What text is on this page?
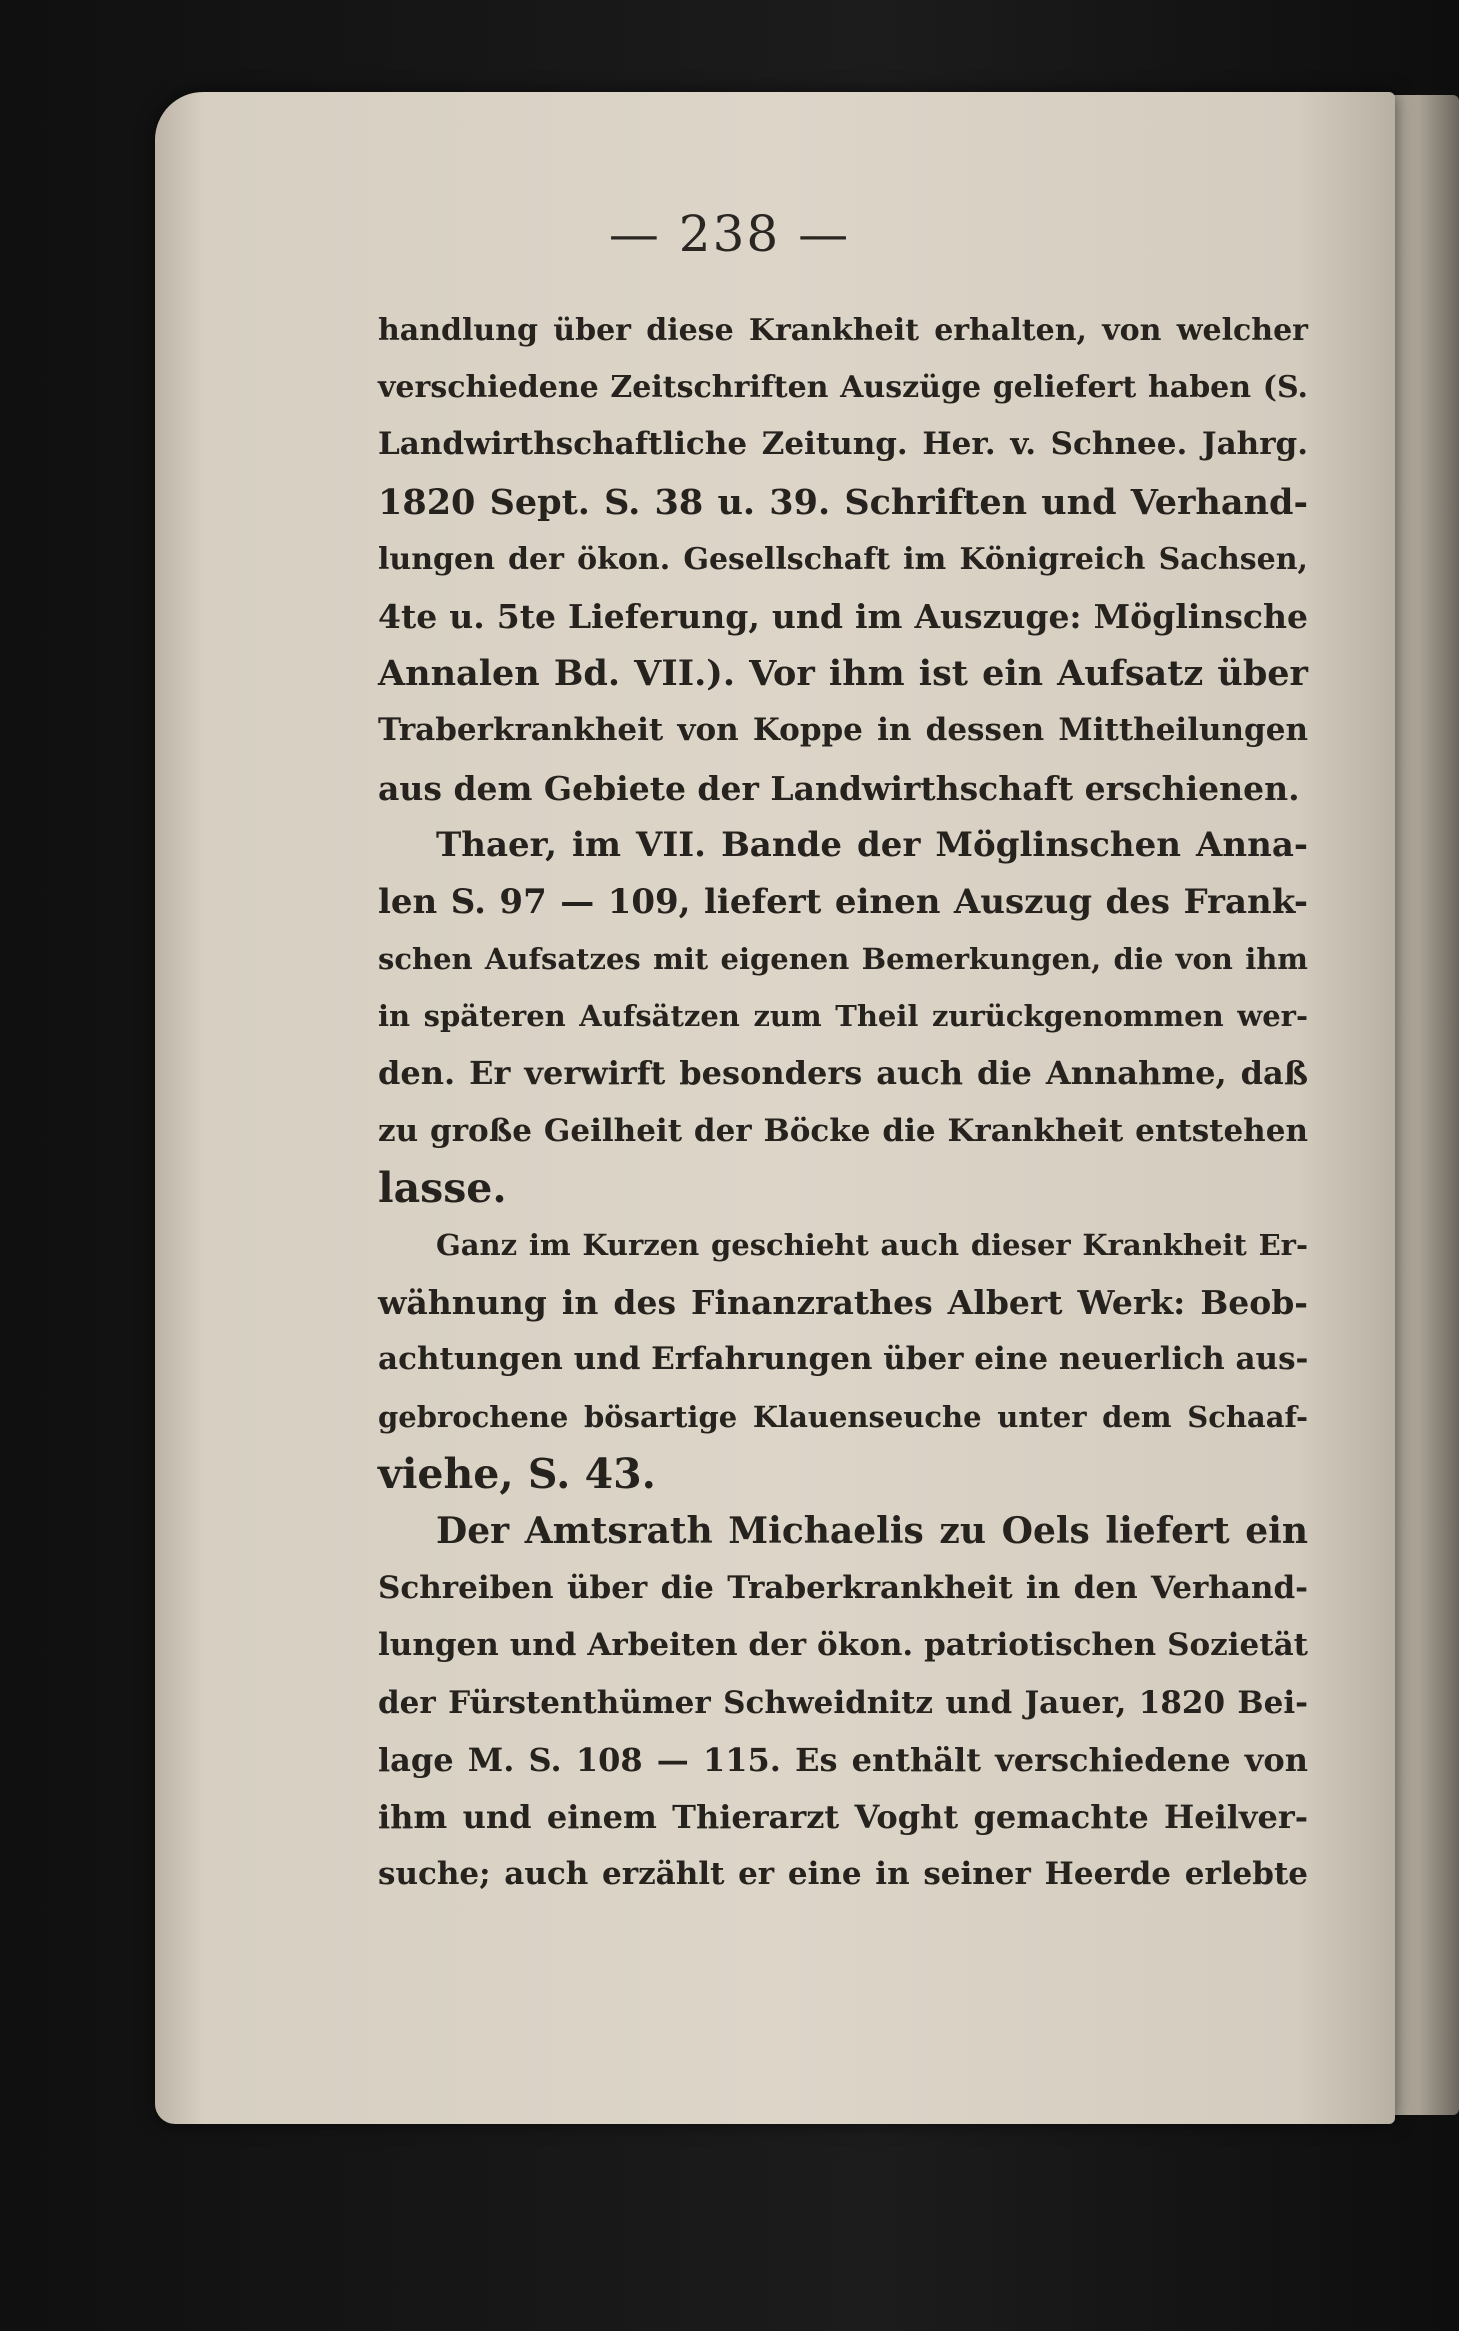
— 238 —
handlung über diese Krankheit erhalten, von welcher
verschiedene Zeitschriften Auszüge geliefert haben (S.
Landwirthschaftliche Zeitung. Her. v. Schnee. Jahrg.
1820 Sept. S. 38 u. 39. Schriften und Verhand-
lungen der ökon. Gesellschaft im Königreich Sachsen,
4te u. 5te Lieferung, und im Auszuge: Möglinsche
Annalen Bd. VII.). Vor ihm ist ein Aufsatz über
Traberkrankheit von Koppe in dessen Mittheilungen
aus dem Gebiete der Landwirthschaft erschienen.
Thaer, im VII. Bande der Möglinschen Anna-
len S. 97 — 109, liefert einen Auszug des Frank-
schen Aufsatzes mit eigenen Bemerkungen, die von ihm
in späteren Aufsätzen zum Theil zurückgenommen wer-
den. Er verwirft besonders auch die Annahme, daß
zu große Geilheit der Böcke die Krankheit entstehen
lasse.
Ganz im Kurzen geschieht auch dieser Krankheit Er-
wähnung in des Finanzrathes Albert Werk: Beob-
achtungen und Erfahrungen über eine neuerlich aus-
gebrochene bösartige Klauenseuche unter dem Schaaf-
viehe, S. 43.
Der Amtsrath Michaelis zu Oels liefert ein
Schreiben über die Traberkrankheit in den Verhand-
lungen und Arbeiten der ökon. patriotischen Sozietät
der Fürstenthümer Schweidnitz und Jauer, 1820 Bei-
lage M. S. 108 — 115. Es enthält verschiedene von
ihm und einem Thierarzt Voght gemachte Heilver-
suche; auch erzählt er eine in seiner Heerde erlebte
